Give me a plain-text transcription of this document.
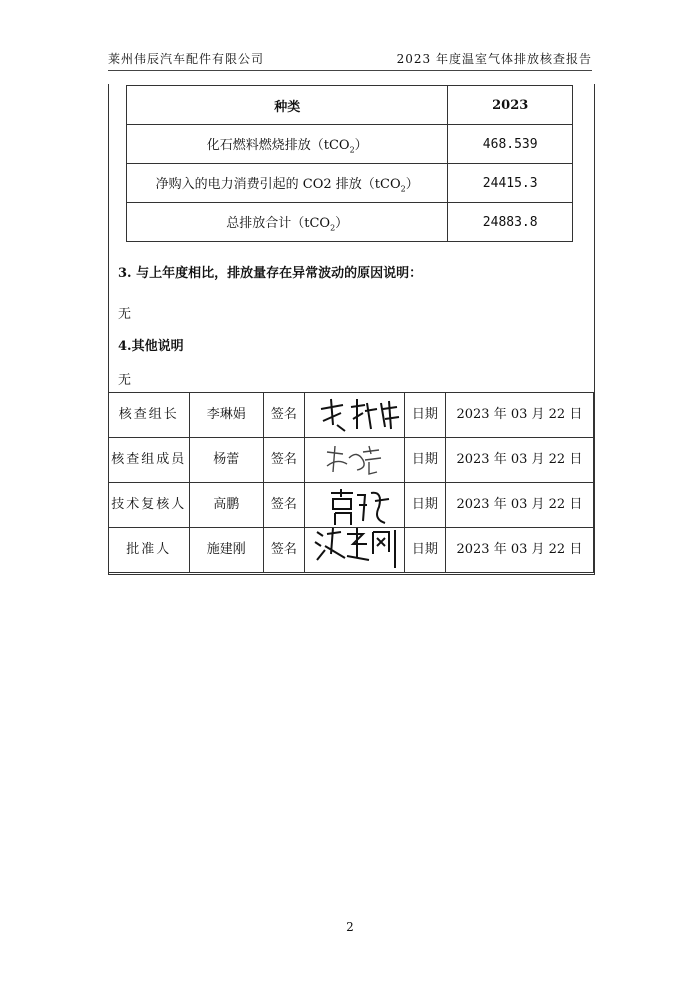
莱州伟辰汽车配件有限公司	2023 年度温室气体排放核查报告
种类	2023
化石燃料燃烧排放（tCO$_2$）	468.539
净购入的电力消费引起的 CO2 排放（tCO$_2$）	24415.3
总排放合计（tCO$_2$）	24883.8
3. 与上年度相比，排放量存在异常波动的原因说明：
无
4.其他说明
无
核查组长	李琳娟	签名		日期	2023 年 03 月 22 日
核查组成员	杨蕾	签名		日期	2023 年 03 月 22 日
技术复核人	高鹏	签名		日期	2023 年 03 月 22 日
批准人	施建刚	签名		日期	2023 年 03 月 22 日
2
